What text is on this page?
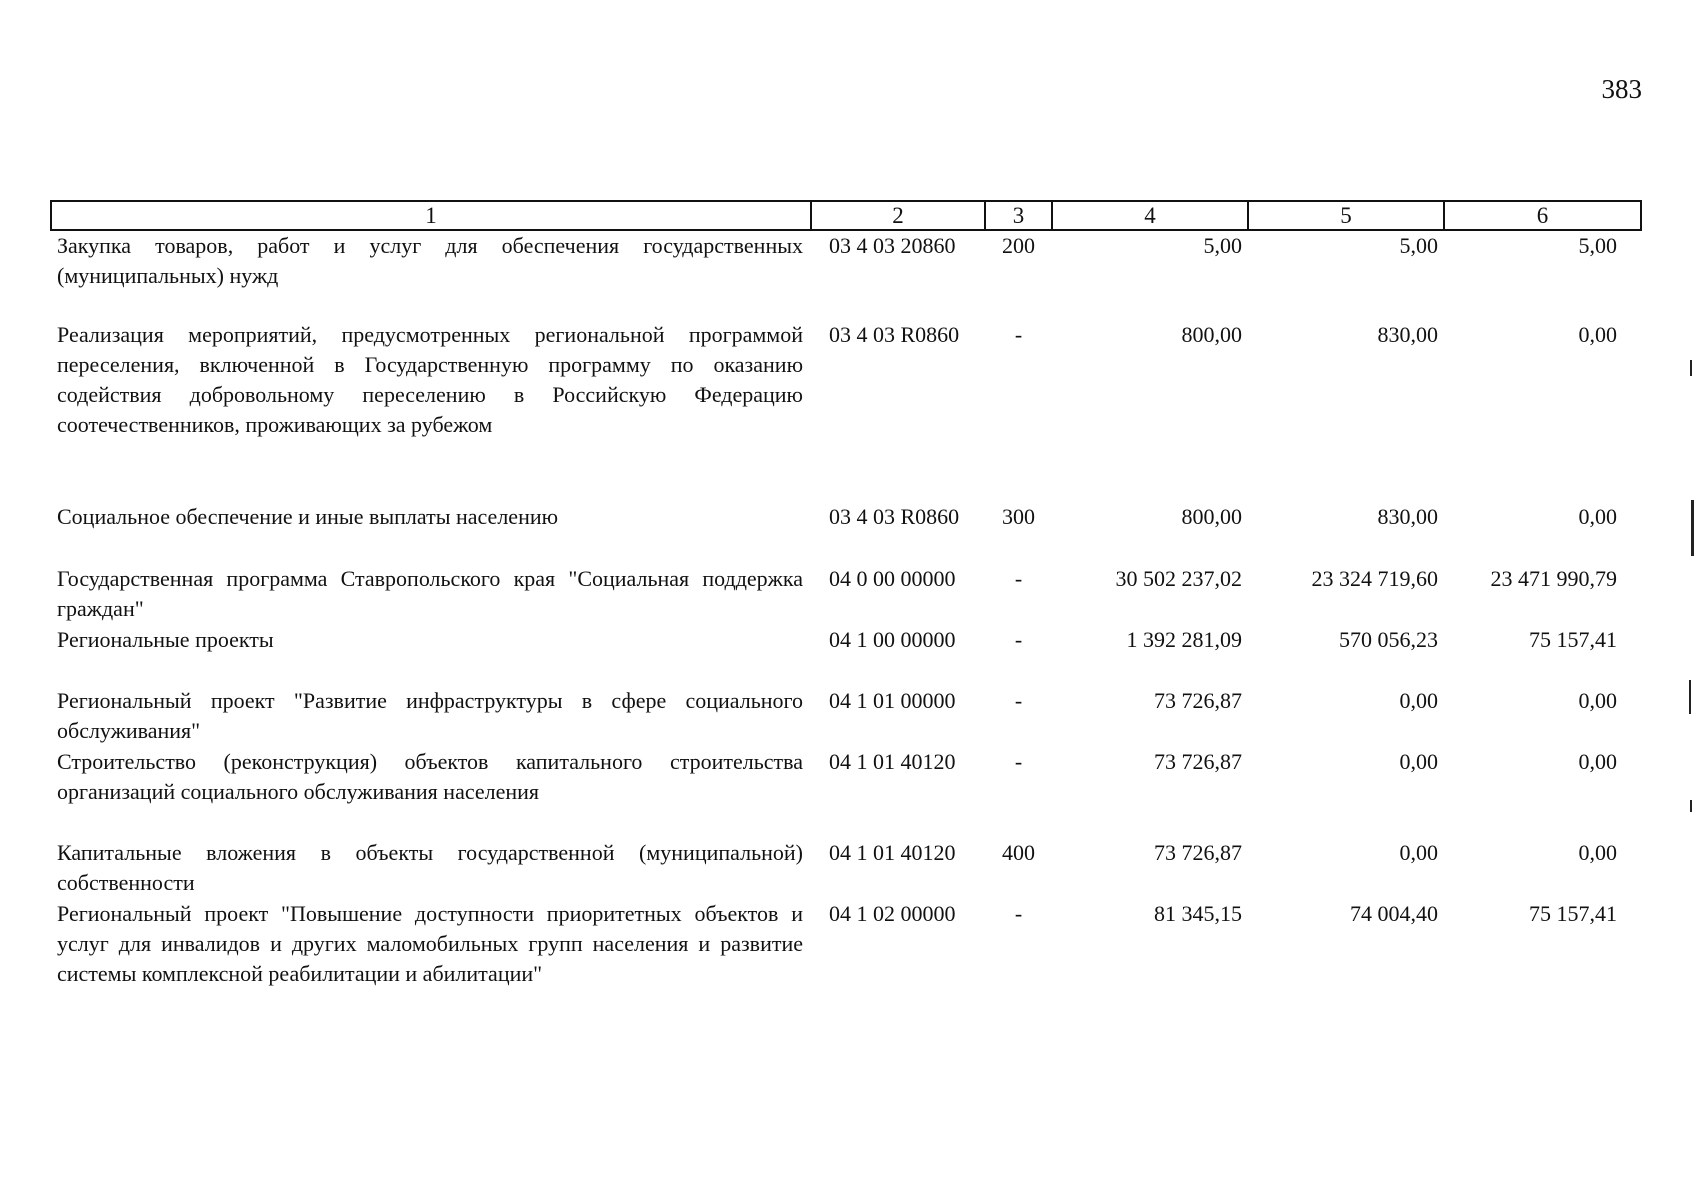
383
1	2	3	4	5	6
Закупка товаров, работ и услуг для обеспечения государственных (муниципальных) нужд	03 4 03 20860	200	5,00	5,00	5,00
Реализация мероприятий, предусмотренных региональной программой переселения, включенной в Государственную программу по оказанию содействия добровольному переселению в Российскую Федерацию соотечественников, проживающих за рубежом	03 4 03 R0860	-	800,00	830,00	0,00
Социальное обеспечение и иные выплаты населению	03 4 03 R0860	300	800,00	830,00	0,00
Государственная программа Ставропольского края "Социальная поддержка граждан"	04 0 00 00000	-	30 502 237,02	23 324 719,60	23 471 990,79
Региональные проекты	04 1 00 00000	-	1 392 281,09	570 056,23	75 157,41
Региональный проект "Развитие инфраструктуры в сфере социального обслуживания"	04 1 01 00000	-	73 726,87	0,00	0,00
Строительство (реконструкция) объектов капитального строительства организаций социального обслуживания населения	04 1 01 40120	-	73 726,87	0,00	0,00
Капитальные вложения в объекты государственной (муниципальной) собственности	04 1 01 40120	400	73 726,87	0,00	0,00
Региональный проект "Повышение доступности приоритетных объектов и услуг для инвалидов и других маломобильных групп населения и развитие системы комплексной реабилитации и абилитации"	04 1 02 00000	-	81 345,15	74 004,40	75 157,41
